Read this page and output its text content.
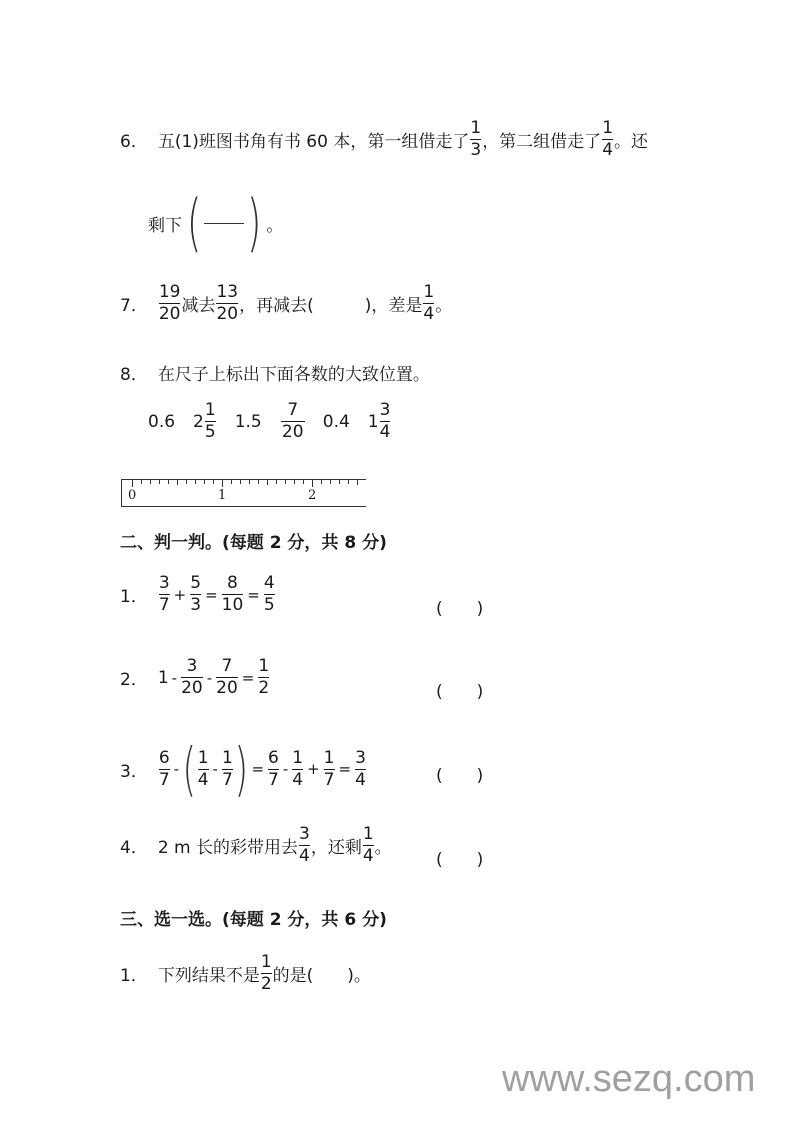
6． 五(1)班图书角有书 60 本，第一组借走了 $\frac{1}{3}$ ，第二组借走了 $\frac{1}{4}$ 。还
剩下 ( ) 。
7． $\frac{19}{20}$ 减去 $\frac{13}{20}$ ，再减去(　　　)，差是 $\frac{1}{4}$ 。
8． 在尺子上标出下面各数的大致位置。
0.6 $2 \frac{1}{5} 1.5 \frac{7}{20} 0.4$ $1 \frac{3}{4}$
0	1	2
二、判一判。(每题 2 分，共 8 分)
1． $\frac{3}{7} + \frac{5}{3} = \frac{8}{10} = \frac{4}{5}$	(　　)
2． $1 - \frac{3}{20} - \frac{7}{20} = \frac{1}{2}$	(　　)
3． $\frac{6}{7}$ - ( $\frac{1}{4} - \frac{1}{7}$ ) = $\frac{6}{7} - \frac{1}{4} + \frac{1}{7} = \frac{3}{4}$	(　　)
4． 2 m 长的彩带用去 $\frac{3}{4}$ ，还剩 $\frac{1}{4}$ 。
(　　)
三、选一选。(每题 2 分，共 6 分)
1． 下列结果不是 $\frac{1}{2}$ 的是(　　)。
www.sezq.com
